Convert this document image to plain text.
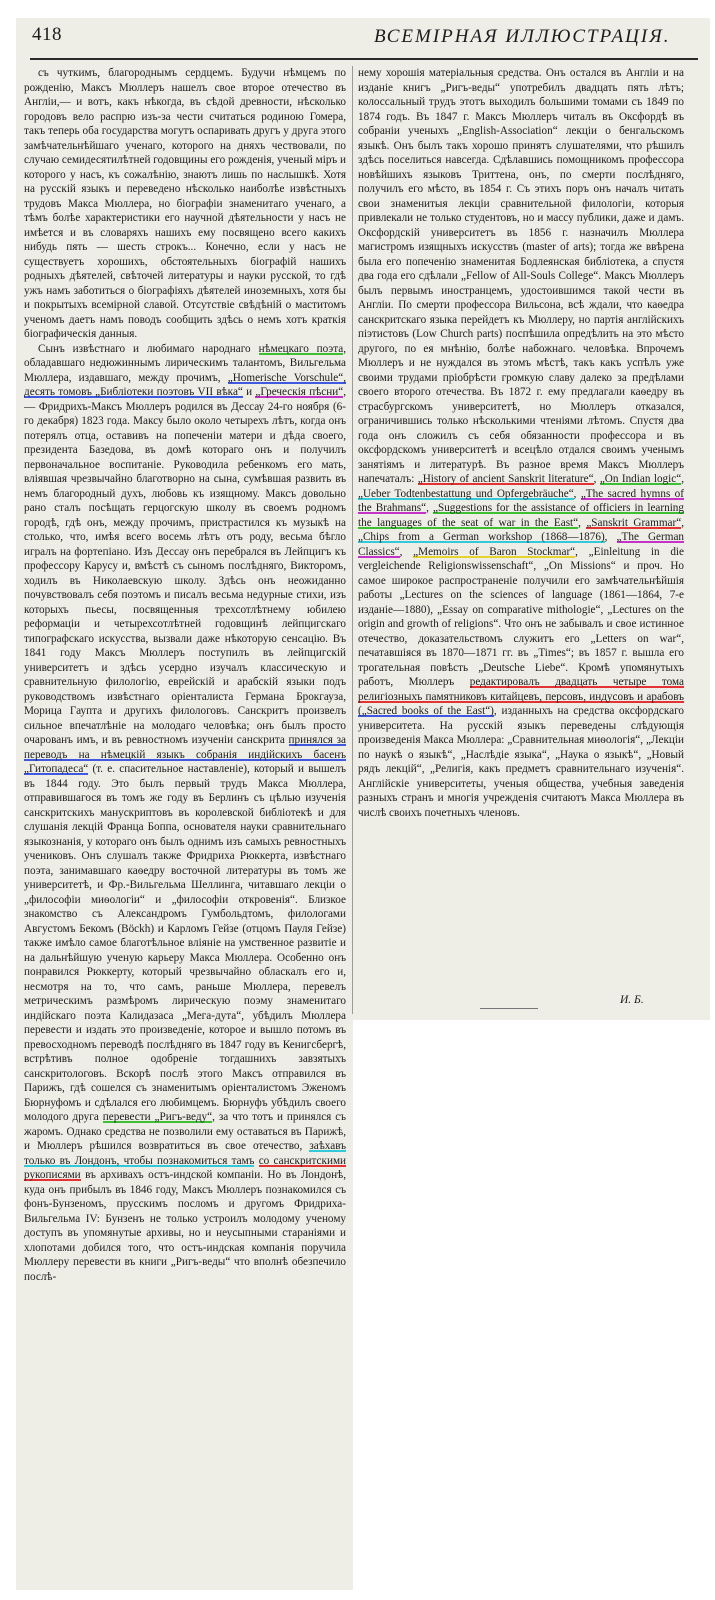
418	ВСЕМІРНАЯ ИЛЛЮСТРАЦІЯ.

съ чуткимъ, благороднымъ сердцемъ. Будучи нѣмцемъ по рожденію, Максъ Мюллеръ нашелъ свое второе отечество въ Англіи,— и вотъ, какъ нѣкогда, въ сѣдой древности, нѣсколько городовъ вело распрю изъ-за чести считаться родиною Гомера, такъ теперь оба государства могутъ оспаривать другъ у друга этого замѣчательнѣйшаго ученаго, которого на дняхъ чествовали, по случаю семидесятилѣтней годовщины его рожденія, ученый міръ и которого у насъ, къ сожалѣнію, знаютъ лишь по наслышкѣ. Хотя на русскій языкъ и переведено нѣсколько наиболѣе извѣстныхъ трудовъ Макса Мюллера, но біографіи знаменитаго ученаго, а тѣмъ болѣе характеристики его научной дѣятельности у насъ не имѣется и въ словаряхъ нашихъ ему посвящено всего какихъ нибудь пять — шесть строкъ... Конечно, если у насъ не существуетъ хорошихъ, обстоятельныхъ біографій нашихъ родныхъ дѣятелей, свѣточей литературы и науки русской, то гдѣ ужъ намъ заботиться о біографіяхъ дѣятелей иноземныхъ, хотя бы и покрытыхъ всемірной славой. Отсутствіе свѣдѣній о маститомъ ученомъ даетъ намъ поводъ сообщить здѣсь о немъ хотъ краткія біографическія данныя.

Сынъ извѣстнаго и любимаго народнаго нѣмецкаго поэта, обладавшаго недюжиннымъ лирическимъ талантомъ, Вильгельма Мюллера, издавшаго, между прочимъ, „Homerische Vorschule“, десять томовъ „Библіотеки поэтовъ VII вѣка“ и „Греческія пѣсни“, — Фридрихъ-Максъ Мюллеръ родился въ Дессау 24-го ноября (6-го декабря) 1823 года. Максу было около четырехъ лѣтъ, когда онъ потерялъ отца, оставивъ на попеченіи матери и дѣда своего, президента Базедова, въ домѣ котораго онъ и получилъ первоначальное воспитаніе. Руководила ребенкомъ его мать, вліявшая чрезвычайно благотворно на сына, сумѣвшая развить въ немъ благородный духъ, любовь къ изящному. Максъ довольно рано сталъ посѣщать герцогскую школу въ своемъ родномъ городѣ, гдѣ онъ, между прочимъ, пристрастился къ музыкѣ на столько, что, имѣя всего восемь лѣтъ отъ роду, весьма бѣгло игралъ на фортепіано. Изъ Дессау онъ перебрался въ Лейпцигъ къ профессору Карусу и, вмѣстѣ съ сыномъ послѣдняго, Викторомъ, ходилъ въ Николаевскую школу. Здѣсь онъ неожиданно почувствовалъ себя поэтомъ и писалъ весьма недурные стихи, изъ которыхъ пьесы, посвященныя трехсотлѣтнему юбилею реформаціи и четырехсотлѣтней годовщинѣ лейпцигскаго типографскаго искусства, вызвали даже нѣкоторую сенсацію. Въ 1841 году Максъ Мюллеръ поступилъ въ лейпцигскій университетъ и здѣсь усердно изучалъ классическую и сравнительную филологію, еврейскій и арабскій языки подъ руководствомъ извѣстнаго оріенталиста Германа Брокгауза, Морица Гаупта и другихъ филологовъ. Санскритъ произвелъ сильное впечатлѣніе на молодаго человѣка; онъ былъ просто очарованъ имъ, и въ ревностномъ изученіи санскрита принялся за переводъ на нѣмецкій языкъ собранія индійскихъ басенъ „Гитопадеса“ (т. е. спасительное наставленіе), который и вышелъ въ 1844 году. Это былъ первый трудъ Макса Мюллера, отправившагося въ томъ же году въ Берлинъ съ цѣлью изученія санскритскихъ манускриптовъ въ королевской библіотекѣ и для слушанія лекцій Франца Боппа, основателя науки сравнительнаго языкознанія, у котораго онъ былъ однимъ изъ самыхъ ревностныхъ учениковъ. Онъ слушалъ также Фридриха Рюккерта, извѣстнаго поэта, занимавшаго каѳедру восточной литературы въ томъ же университетѣ, и Фр.-Вильгельма Шеллинга, читавшаго лекціи о „философіи миѳологіи“ и „философіи откровенія“. Близкое знакомство съ Александромъ Гумбольдтомъ, филологами Августомъ Бекомъ (Böckh) и Карломъ Гейзе (отцомъ Пауля Гейзе) также имѣло самое благотѣльное вліяніе на умственное развитіе и на дальнѣйшую ученую карьеру Макса Мюллера. Особенно онъ понравился Рюккерту, который чрезвычайно обласкалъ его и, несмотря на то, что самъ, раньше Мюллера, перевелъ метрическимъ размѣромъ лирическую поэму знаменитаго индійскаго поэта Калидазаса „Мега-дута“, убѣдилъ Мюллера перевести и издать это произведеніе, которое и вышло потомъ въ превосходномъ переводѣ послѣдняго въ 1847 году въ Кенигсбергѣ, встрѣтивъ полное одобреніе тогдашнихъ завзятыхъ санскритологовъ. Вскорѣ послѣ этого Максъ отправился въ Парижъ, гдѣ сошелся съ знаменитымъ оріенталистомъ Эженомъ Бюрнуфомъ и сдѣлался его любимцемъ. Бюрнуфъ убѣдилъ своего молодого друга перевести „Ригъ-веду“, за что тотъ и принялся съ жаромъ. Однако средства не позволили ему оставаться въ Парижѣ, и Мюллеръ рѣшился возвратиться въ свое отечество, заѣхавъ только въ Лондонъ, чтобы познакомиться тамъ со санскритскими рукописями въ архивахъ остъ-индской компаніи. Но въ Лондонѣ, куда онъ прибылъ въ 1846 году, Максъ Мюллеръ познакомился съ фонъ-Бунзеномъ, прусскимъ посломъ и другомъ Фридриха-Вильгельма IV: Бунзенъ не только устроилъ молодому ученому доступъ въ упомянутые архивы, но и неусыпными стараніями и хлопотами добился того, что остъ-индская компанія поручила Мюллеру перевести въ книги „Ригъ-веды“ что вполнѣ обезпечило послѣ-

нему хорошія матеріальныя средства. Онъ остался въ Англіи и на изданіе книгъ „Ригъ-веды“ употребилъ двадцать пять лѣтъ; колоссальный трудъ этотъ выходилъ большими томами съ 1849 по 1874 годъ. Въ 1847 г. Максъ Мюллеръ читалъ въ Оксфордѣ въ собраніи ученыхъ „English-Association“ лекціи о бенгальскомъ языкѣ. Онъ былъ такъ хорошо принятъ слушателями, что рѣшилъ здѣсь поселиться навсегда. Сдѣлавшись помощникомъ профессора новѣйшихъ языковъ Триттена, онъ, по смерти послѣдняго, получилъ его мѣсто, въ 1854 г. Съ этихъ поръ онъ началъ читать свои знаменитыя лекціи сравнительной филологіи, которыя привлекали не только студентовъ, но и массу публики, даже и дамъ. Оксфордскій университетъ въ 1856 г. назначилъ Мюллера магистромъ изящныхъ искусствъ (master of arts); тогда же ввѣрена была его попеченію знаменитая Бодлеянская библіотека, а спустя два года его сдѣлали „Fellow of All-Souls College“. Максъ Мюллеръ былъ первымъ иностранцемъ, удостоившимся такой чести въ Англіи. По смерти профессора Вильсона, всѣ ждали, что каѳедра санскритскаго языка перейдетъ къ Мюллеру, но партія англійскихъ піэтистовъ (Low Church parts) поспѣшила опредѣлить на это мѣсто другого, по ея мнѣнію, болѣе набожнаго. человѣка. Впрочемъ Мюллеръ и не нуждался въ этомъ мѣстѣ, такъ какъ успѣлъ уже своими трудами пріобрѣсти громкую славу далеко за предѣлами своего второго отечества. Въ 1872 г. ему предлагали каѳедру въ страсбургскомъ университетѣ, но Мюллеръ отказался, ограничившись только нѣсколькими чтеніями лѣтомъ. Спустя два года онъ сложилъ съ себя обязанности профессора и въ оксфордскомъ университетѣ и всецѣло отдался своимъ ученымъ занятіямъ и литературѣ. Въ разное время Максъ Мюллеръ напечаталъ: „History of ancient Sanskrit literature“, „On Indian logic“, „Ueber Todtenbestattung und Opfergebräuche“, „The sacred hymns of the Brahmans“, „Suggestions for the assistance of officiers in learning the languages of the seat of war in the East“, „Sanskrit Grammar“, „Chips from a German workshop (1868—1876), „The German Classics“, „Memoirs of Baron Stockmar“, „Einleitung in die vergleichende Religionswissenschaft“, „On Missions“ и проч. Но самое широкое распространеніе получили его замѣчательнѣйшія работы „Lectures on the sciences of language (1861—1864, 7-е изданіе—1880), „Essay on comparative mithologie“, „Lectures on the origin and growth of religions“. Что онъ не забывалъ и свое истинное отечество, доказательствомъ служитъ его „Letters on war“, печатавшіяся въ 1870—1871 гг. въ „Times“; въ 1857 г. вышла его трогательная повѣсть „Deutsche Liebe“. Кромѣ упомянутыхъ работъ, Мюллеръ редактировалъ двадцать четыре тома религіозныхъ памятниковъ китайцевъ, персовъ, индусовъ и арабовъ („Sacred books of the East“), изданныхъ на средства оксфордскаго университета. На русскій языкъ переведены слѣдующія произведенія Макса Мюллера: „Сравнительная миѳологія“, „Лекціи по наукѣ о языкѣ“, „Наслѣдіе языка“, „Наука о языкѣ“, „Новый рядъ лекцій“, „Религія, какъ предметъ сравнительнаго изученія“. Англійскіе университеты, ученыя общества, учебныя заведенія разныхъ странъ и многія учрежденія считаютъ Макса Мюллера въ числѣ своихъ почетныхъ членовъ.

И. Б.
